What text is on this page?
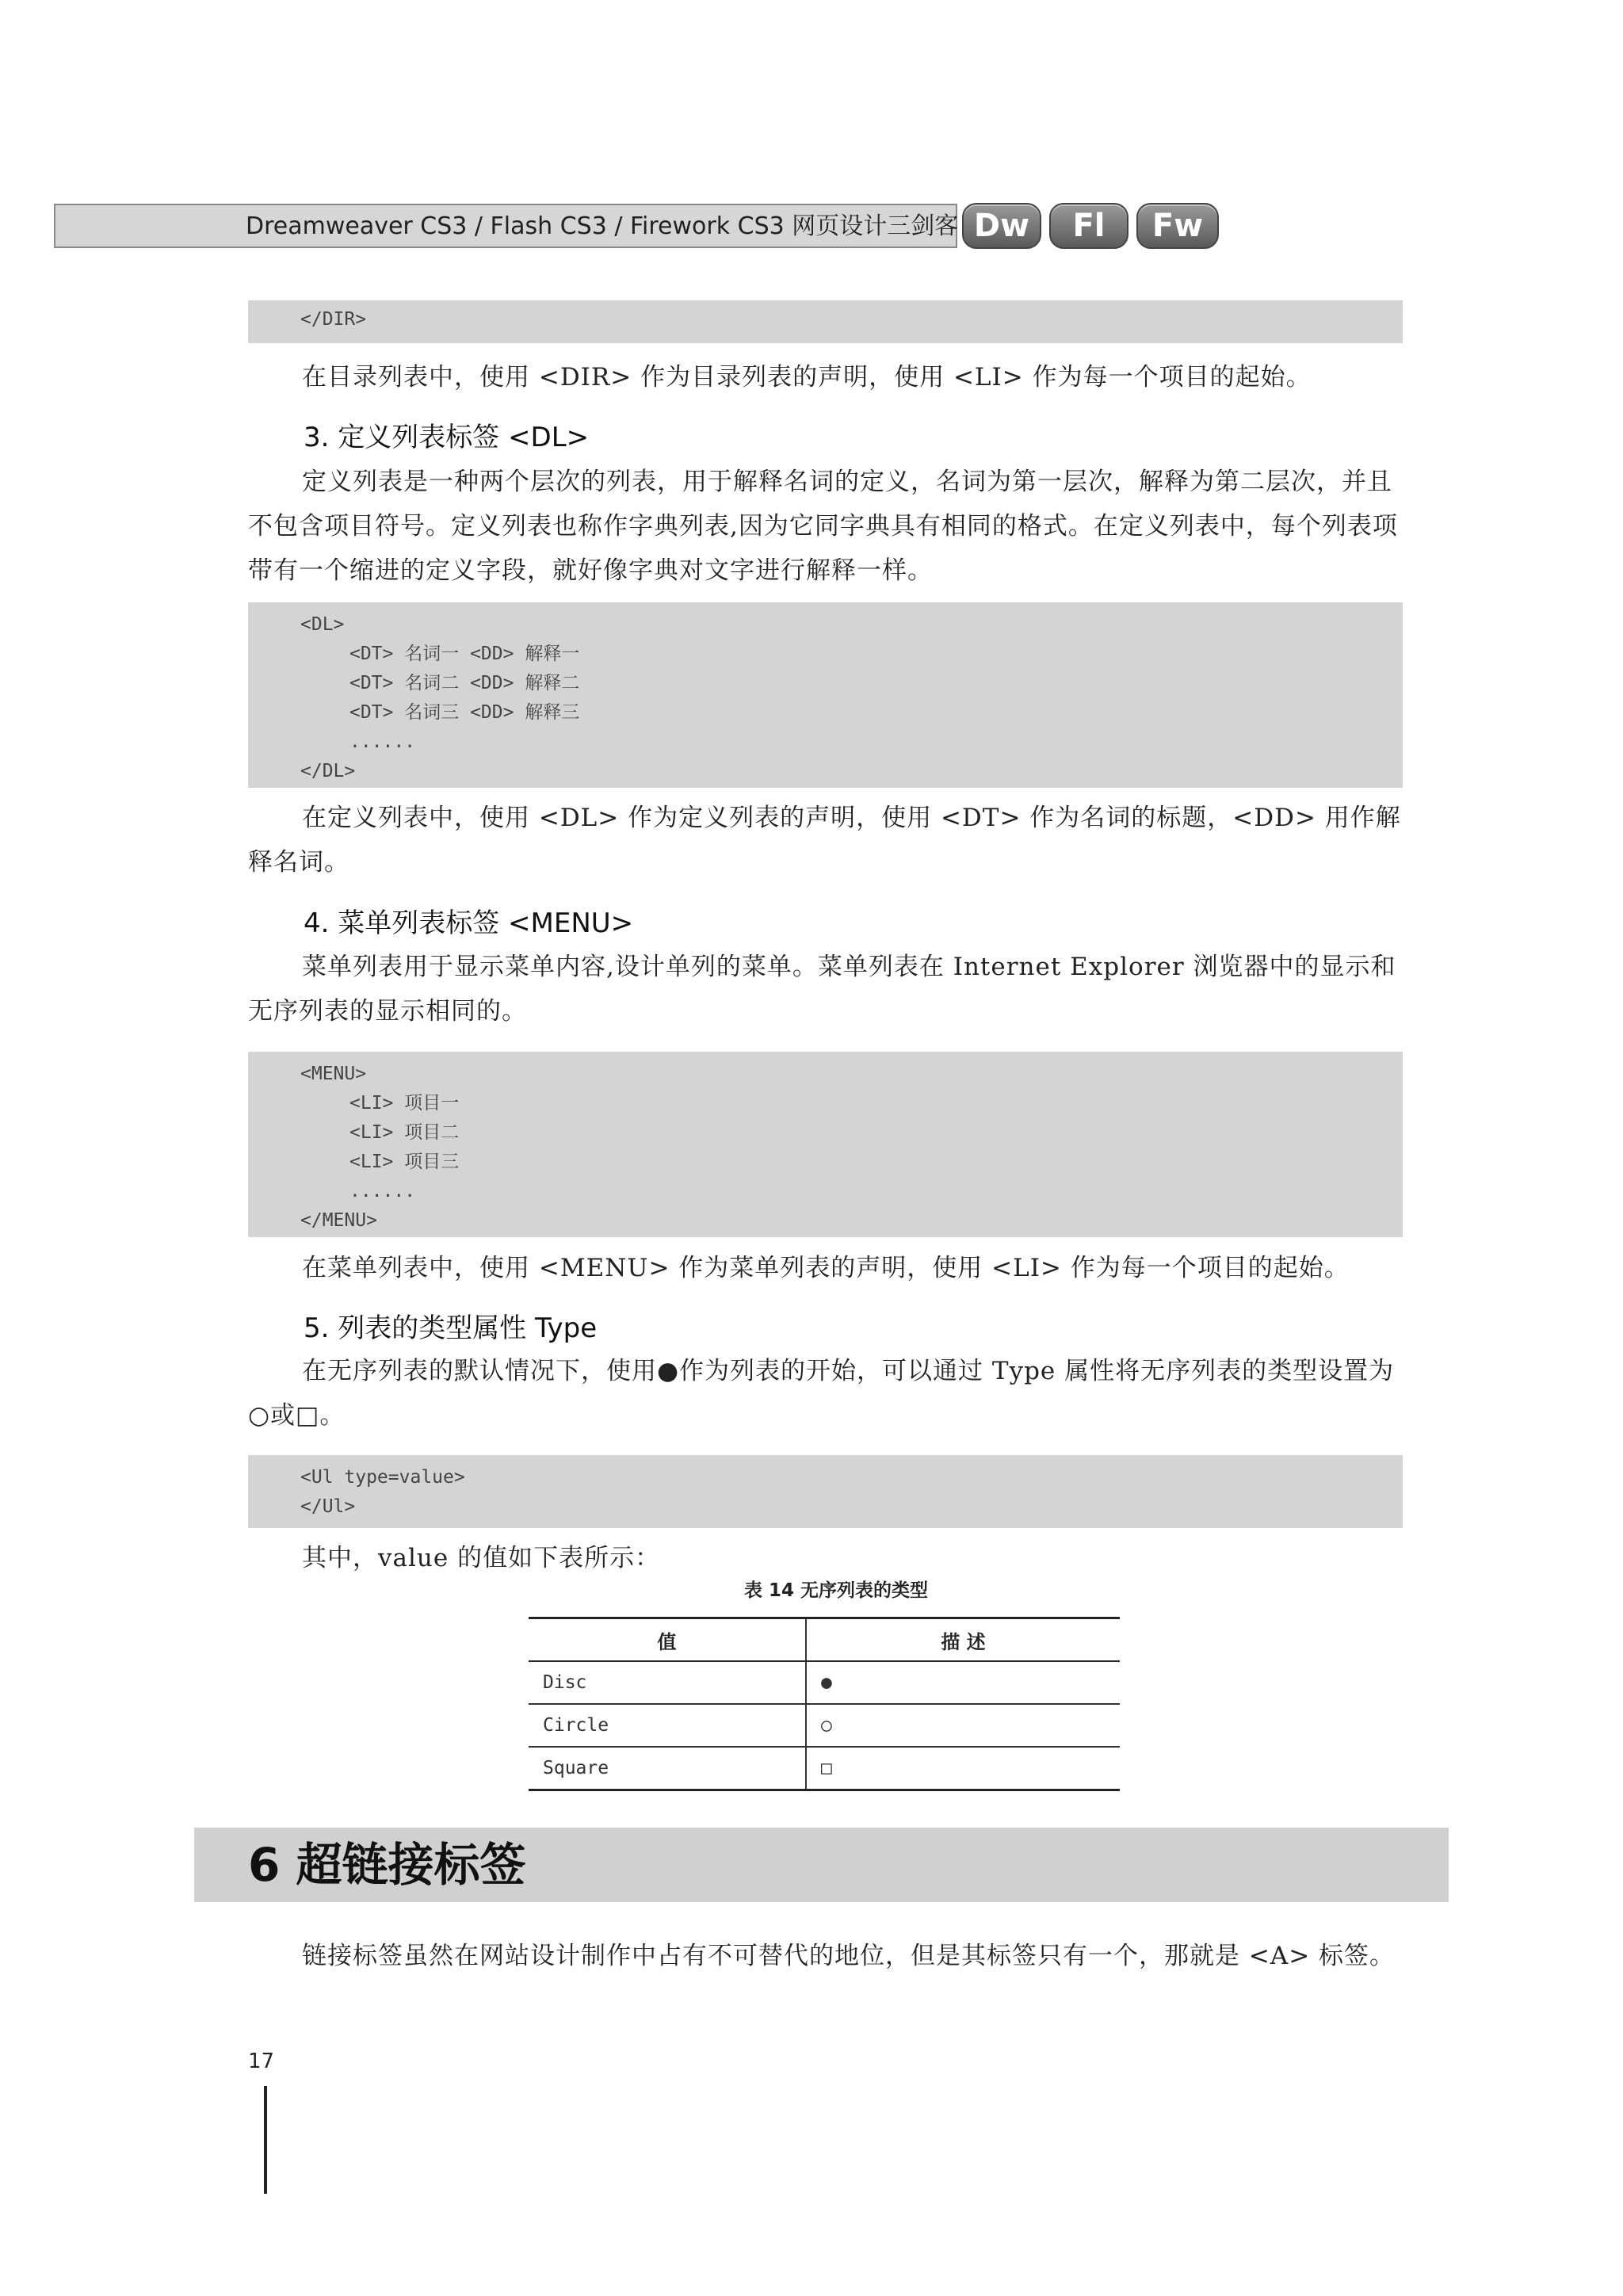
Dreamweaver CS3 / Flash CS3 / Firework CS3 网页设计三剑客 Dw	Fl	Fw
</DIR>
在目录列表中，使用 <DIR> 作为目录列表的声明，使用 <LI> 作为每一个项目的起始。
3. 定义列表标签 <DL>
定义列表是一种两个层次的列表，用于解释名词的定义，名词为第一层次，解释为第二层次，并且不包含项目符号。定义列表也称作字典列表,因为它同字典具有相同的格式。在定义列表中，每个列表项带有一个缩进的定义字段，就好像字典对文字进行解释一样。
<DL>
<DT> 名词一 <DD> 解释一
<DT> 名词二 <DD> 解释二
<DT> 名词三 <DD> 解释三
......
</DL>
在定义列表中，使用 <DL> 作为定义列表的声明，使用 <DT> 作为名词的标题，<DD> 用作解释名词。
4. 菜单列表标签 <MENU>
菜单列表用于显示菜单内容,设计单列的菜单。菜单列表在 Internet Explorer 浏览器中的显示和无序列表的显示相同的。
<MENU>
<LI> 项目一
<LI> 项目二
<LI> 项目三
......
</MENU>
在菜单列表中，使用 <MENU> 作为菜单列表的声明，使用 <LI> 作为每一个项目的起始。
5. 列表的类型属性 Type
在无序列表的默认情况下，使用●作为列表的开始，可以通过 Type 属性将无序列表的类型设置为○或□。
<Ul type=value>
</Ul>
其中，value 的值如下表所示：
表 14 无序列表的类型
值	描 述
Disc	●
Circle	○
Square	□
6 超链接标签
链接标签虽然在网站设计制作中占有不可替代的地位，但是其标签只有一个，那就是 <A> 标签。
17
